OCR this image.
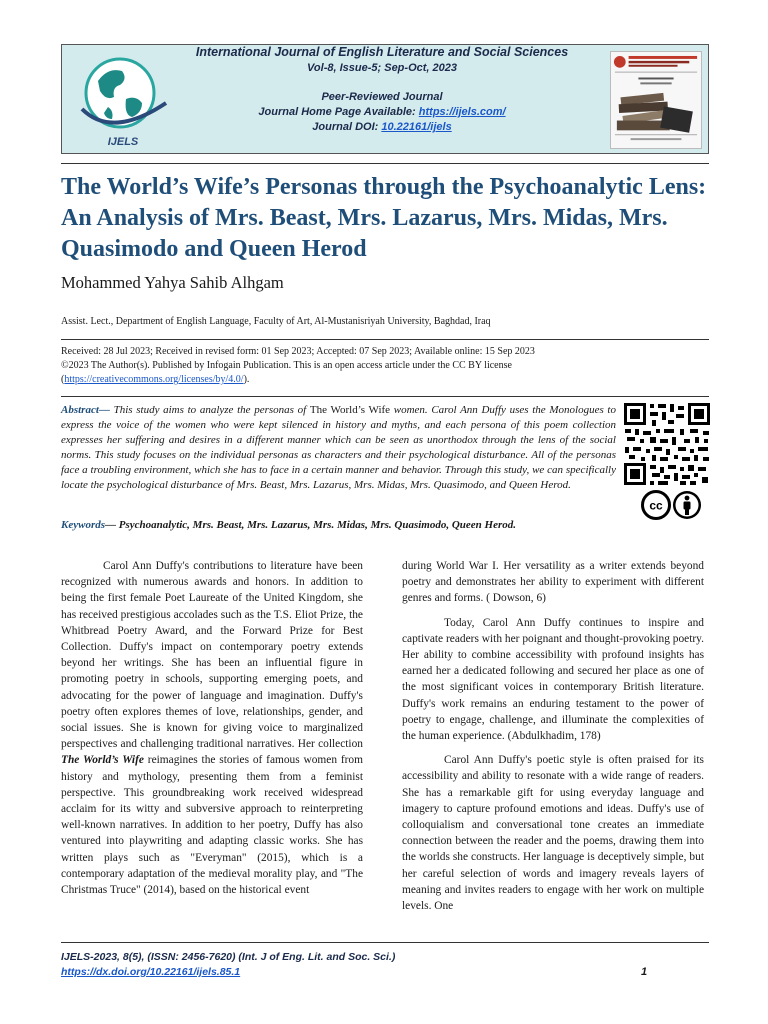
IJELS
International Journal of English Literature and Social Sciences
Vol-8, Issue-5; Sep-Oct, 2023
Peer-Reviewed Journal
Journal Home Page Available: https://ijels.com/
Journal DOI: 10.22161/ijels
The World’s Wife’s Personas through the Psychoanalytic Lens: An Analysis of Mrs. Beast, Mrs. Lazarus, Mrs. Midas, Mrs. Quasimodo and Queen Herod
Mohammed Yahya Sahib Alhgam
Assist. Lect., Department of English Language, Faculty of Art, Al-Mustanisriyah University, Baghdad, Iraq
Received: 28 Jul 2023; Received in revised form: 01 Sep 2023; Accepted: 07 Sep 2023; Available online: 15 Sep 2023
©2023 The Author(s). Published by Infogain Publication. This is an open access article under the CC BY license
(https://creativecommons.org/licenses/by/4.0/).

Abstract— This study aims to analyze the personas of The World’s Wife women. Carol Ann Duffy uses the Monologues to express the voice of the women who were kept silenced in history and myths, and each persona of this poem collection expresses her suffering and desires in a different manner which can be seen as unorthodox through the lens of the social norms. This study focuses on the individual personas as characters and their psychological disturbance. All of the personas face a troubling environment, which she has to face in a certain manner and behavior. Through this study, we can specifically locate the psychological disturbance of Mrs. Beast, Mrs. Lazarus, Mrs. Midas, Mrs. Quasimodo, and Queen Herod.

Keywords— Psychoanalytic, Mrs. Beast, Mrs. Lazarus, Mrs. Midas, Mrs. Quasimodo, Queen Herod.
cc

Carol Ann Duffy's contributions to literature have been recognized with numerous awards and honors. In addition to being the first female Poet Laureate of the United Kingdom, she has received prestigious accolades such as the T.S. Eliot Prize, the Whitbread Poetry Award, and the Forward Prize for Best Collection. Duffy's impact on contemporary poetry extends beyond her writings. She has been an influential figure in promoting poetry in schools, supporting emerging poets, and advocating for the power of language and imagination. Duffy's poetry often explores themes of love, relationships, gender, and social issues. She is known for giving voice to marginalized perspectives and challenging traditional narratives. Her collection The World’s Wife reimagines the stories of famous women from history and mythology, presenting them from a feminist perspective. This groundbreaking work received widespread acclaim for its witty and subversive approach to reinterpreting well-known narratives. In addition to her poetry, Duffy has also ventured into playwriting and adapting classic works. She has written plays such as "Everyman" (2015), which is a contemporary adaptation of the medieval morality play, and "The Christmas Truce" (2014), based on the historical event

during World War I. Her versatility as a writer extends beyond poetry and demonstrates her ability to experiment with different genres and forms. ( Dowson, 6)

Today, Carol Ann Duffy continues to inspire and captivate readers with her poignant and thought-provoking poetry. Her ability to combine accessibility with profound insights has earned her a dedicated following and secured her place as one of the most significant voices in contemporary British literature. Duffy's work remains an enduring testament to the power of poetry to engage, challenge, and illuminate the complexities of the human experience. (Abdulkhadim, 178)

Carol Ann Duffy's poetic style is often praised for its accessibility and ability to resonate with a wide range of readers. She has a remarkable gift for using everyday language and imagery to capture profound emotions and ideas. Duffy's use of colloquialism and conversational tone creates an immediate connection between the reader and the poems, drawing them into the worlds she constructs. Her language is deceptively simple, but her careful selection of words and imagery reveals layers of meaning and invites readers to engage with her work on multiple levels. One

IJELS-2023, 8(5), (ISSN: 2456-7620) (Int. J of Eng. Lit. and Soc. Sci.)
https://dx.doi.org/10.22161/ijels.85.1	1
